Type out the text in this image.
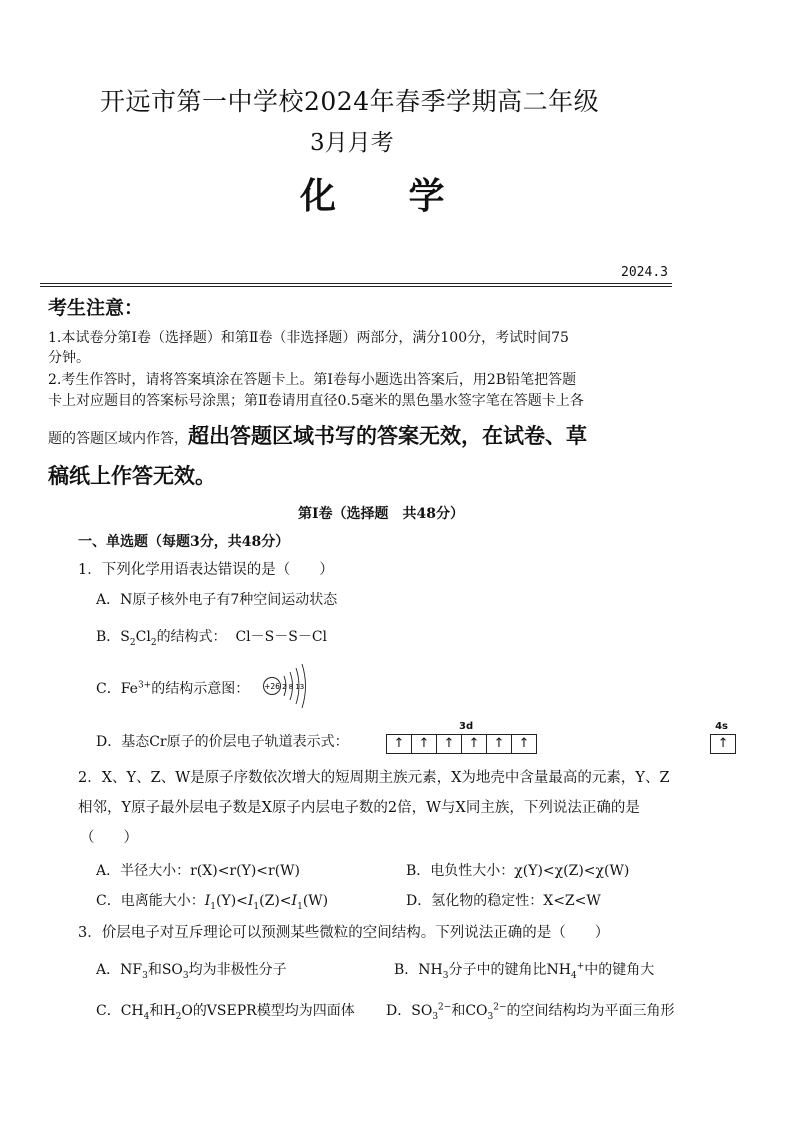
开远市第一中学校2024年春季学期高二年级
3月月考
化 学
2024.3
考生注意：
1.本试卷分第Ⅰ卷（选择题）和第Ⅱ卷（非选择题）两部分，满分100分，考试时间75
分钟。
2.考生作答时，请将答案填涂在答题卡上。第Ⅰ卷每小题选出答案后，用2B铅笔把答题
卡上对应题目的答案标号涂黑；第Ⅱ卷请用直径0.5毫米的黑色墨水签字笔在答题卡上各
题的答题区域内作答，超出答题区域书写的答案无效，在试卷、草
稿纸上作答无效。
第Ⅰ卷（选择题　共48分）
一、单选题（每题3分，共48分）
1．下列化学用语表达错误的是（　　）
A．N原子核外电子有7种空间运动状态
B．$S_2Cl_2$的结构式： Cl－S－S－Cl
C．$Fe^{3+}$的结构示意图： +26 2 8 13
D．基态Cr原子的价层电子轨道表示式：
3d
↑	↑	↑	↑	↑	↑

4s
↑
2．X、Y、Z、W是原子序数依次增大的短周期主族元素，X为地壳中含量最高的元素，Y、Z
相邻，Y原子最外层电子数是X原子内层电子数的2倍，W与X同主族，下列说法正确的是
（　　）
A．半径大小：r(X)<r(Y)<r(W)	B．电负性大小：χ(Y)<χ(Z)<χ(W)
C．电离能大小：$I_1(Y)<I_1(Z)<I_1(W)$	D．氢化物的稳定性：X<Z<W
3．价层电子对互斥理论可以预测某些微粒的空间结构。下列说法正确的是（　　）
A．$NF_3$和$SO_3$均为非极性分子	B．$NH_3$分子中的键角比$NH_4^+$中的键角大
C．$CH_4$和$H_2O$的VSEPR模型均为四面体 D．$SO_3^{2-}$和$CO_3^{2-}$的空间结构均为平面三角形
